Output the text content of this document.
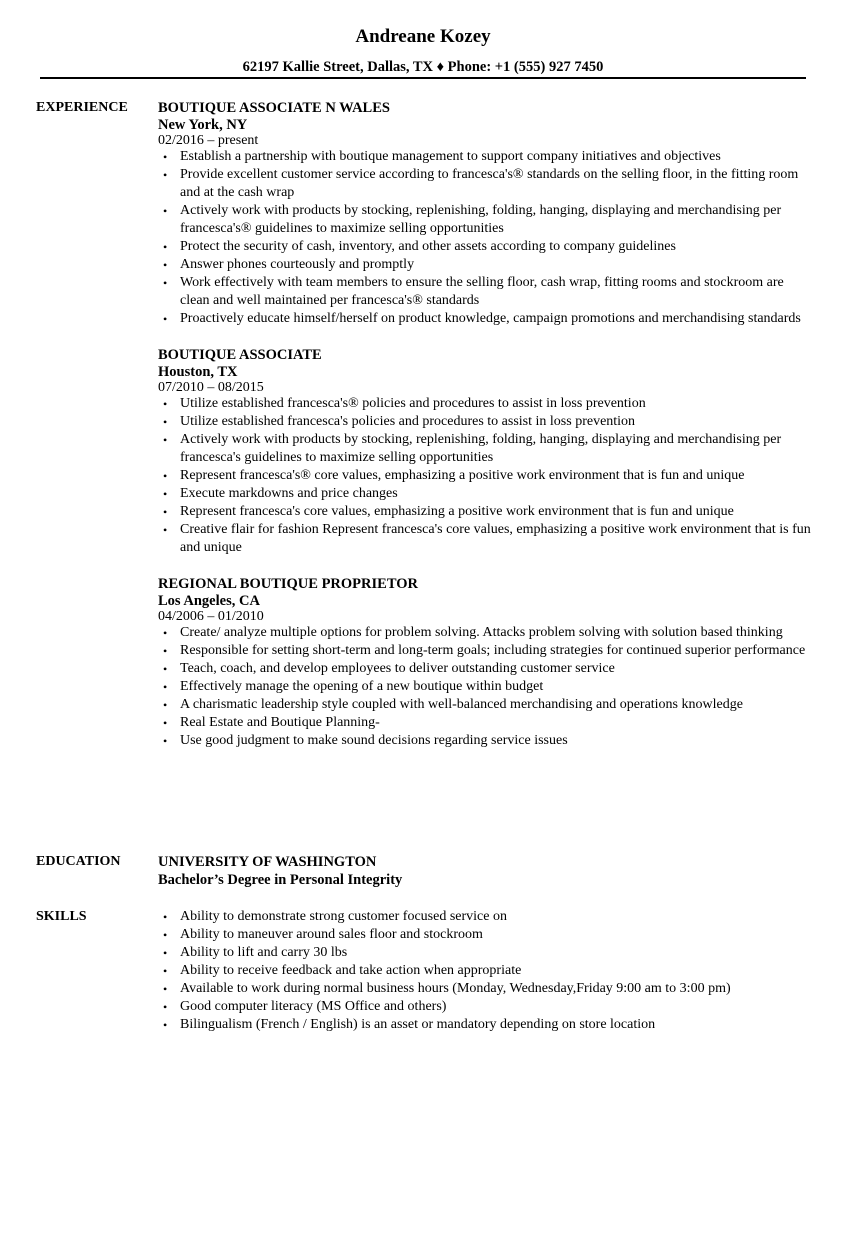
Andreane Kozey
62197 Kallie Street, Dallas, TX ♦ Phone: +1 (555) 927 7450
EXPERIENCE BOUTIQUE ASSOCIATE N WALES
New York, NY
02/2016 – present
• Establish a partnership with boutique management to support company initiatives and objectives
• Provide excellent customer service according to francesca's® standards on the selling floor, in the fitting room and at the cash wrap
• Actively work with products by stocking, replenishing, folding, hanging, displaying and merchandising per francesca's® guidelines to maximize selling opportunities
• Protect the security of cash, inventory, and other assets according to company guidelines
• Answer phones courteously and promptly
• Work effectively with team members to ensure the selling floor, cash wrap, fitting rooms and stockroom are clean and well maintained per francesca's® standards
• Proactively educate himself/herself on product knowledge, campaign promotions and merchandising standards
BOUTIQUE ASSOCIATE
Houston, TX
07/2010 – 08/2015
• Utilize established francesca's® policies and procedures to assist in loss prevention
• Utilize established francesca's policies and procedures to assist in loss prevention
• Actively work with products by stocking, replenishing, folding, hanging, displaying and merchandising per francesca's guidelines to maximize selling opportunities
• Represent francesca's® core values, emphasizing a positive work environment that is fun and unique
• Execute markdowns and price changes
• Represent francesca's core values, emphasizing a positive work environment that is fun and unique
• Creative flair for fashion Represent francesca's core values, emphasizing a positive work environment that is fun and unique
REGIONAL BOUTIQUE PROPRIETOR
Los Angeles, CA
04/2006 – 01/2010
• Create/ analyze multiple options for problem solving. Attacks problem solving with solution based thinking
• Responsible for setting short-term and long-term goals; including strategies for continued superior performance
• Teach, coach, and develop employees to deliver outstanding customer service
• Effectively manage the opening of a new boutique within budget
• A charismatic leadership style coupled with well-balanced merchandising and operations knowledge
• Real Estate and Boutique Planning-
• Use good judgment to make sound decisions regarding service issues
EDUCATION	UNIVERSITY OF WASHINGTON
Bachelor’s Degree in Personal Integrity
SKILLS	• Ability to demonstrate strong customer focused service on
• Ability to maneuver around sales floor and stockroom
• Ability to lift and carry 30 lbs
• Ability to receive feedback and take action when appropriate
• Available to work during normal business hours (Monday, Wednesday,Friday 9:00 am to 3:00 pm)
• Good computer literacy (MS Office and others)
• Bilingualism (French / English) is an asset or mandatory depending on store location
